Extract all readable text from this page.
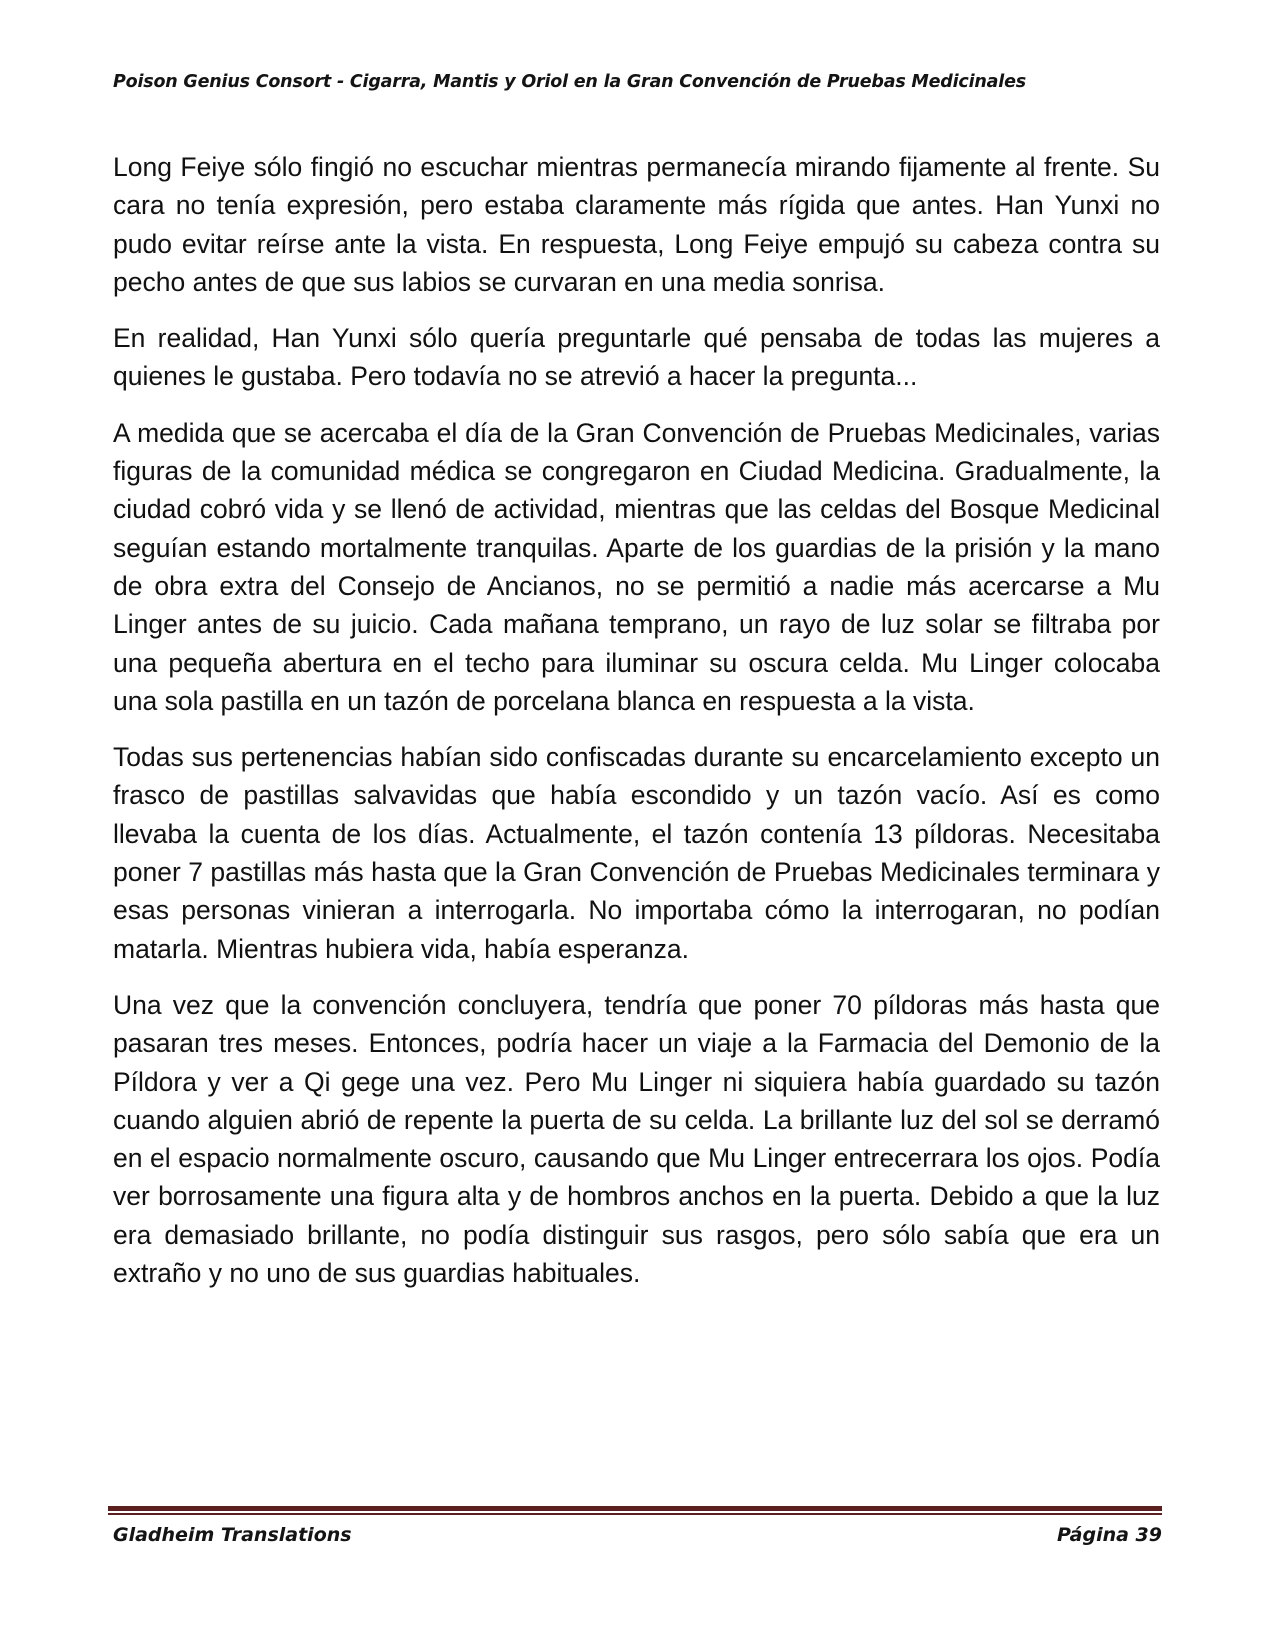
Poison Genius Consort - Cigarra, Mantis y Oriol en la Gran Convención de Pruebas Medicinales

Long Feiye sólo fingió no escuchar mientras permanecía mirando fijamente al frente. Su cara no tenía expresión, pero estaba claramente más rígida que antes. Han Yunxi no pudo evitar reírse ante la vista. En respuesta, Long Feiye empujó su cabeza contra su pecho antes de que sus labios se curvaran en una media sonrisa.

En realidad, Han Yunxi sólo quería preguntarle qué pensaba de todas las mujeres a quienes le gustaba. Pero todavía no se atrevió a hacer la pregunta...

A medida que se acercaba el día de la Gran Convención de Pruebas Medicinales, varias figuras de la comunidad médica se congregaron en Ciudad Medicina. Gradualmente, la ciudad cobró vida y se llenó de actividad, mientras que las celdas del Bosque Medicinal seguían estando mortalmente tranquilas. Aparte de los guardias de la prisión y la mano de obra extra del Consejo de Ancianos, no se permitió a nadie más acercarse a Mu Linger antes de su juicio. Cada mañana temprano, un rayo de luz solar se filtraba por una pequeña abertura en el techo para iluminar su oscura celda. Mu Linger colocaba una sola pastilla en un tazón de porcelana blanca en respuesta a la vista.

Todas sus pertenencias habían sido confiscadas durante su encarcelamiento excepto un frasco de pastillas salvavidas que había escondido y un tazón vacío. Así es como llevaba la cuenta de los días. Actualmente, el tazón contenía 13 píldoras. Necesitaba poner 7 pastillas más hasta que la Gran Convención de Pruebas Medicinales terminara y esas personas vinieran a interrogarla. No importaba cómo la interrogaran, no podían matarla. Mientras hubiera vida, había esperanza.

Una vez que la convención concluyera, tendría que poner 70 píldoras más hasta que pasaran tres meses. Entonces, podría hacer un viaje a la Farmacia del Demonio de la Píldora y ver a Qi gege una vez. Pero Mu Linger ni siquiera había guardado su tazón cuando alguien abrió de repente la puerta de su celda. La brillante luz del sol se derramó en el espacio normalmente oscuro, causando que Mu Linger entrecerrara los ojos. Podía ver borrosamente una figura alta y de hombros anchos en la puerta. Debido a que la luz era demasiado brillante, no podía distinguir sus rasgos, pero sólo sabía que era un extraño y no uno de sus guardias habituales.

Gladheim Translations	Página 39
